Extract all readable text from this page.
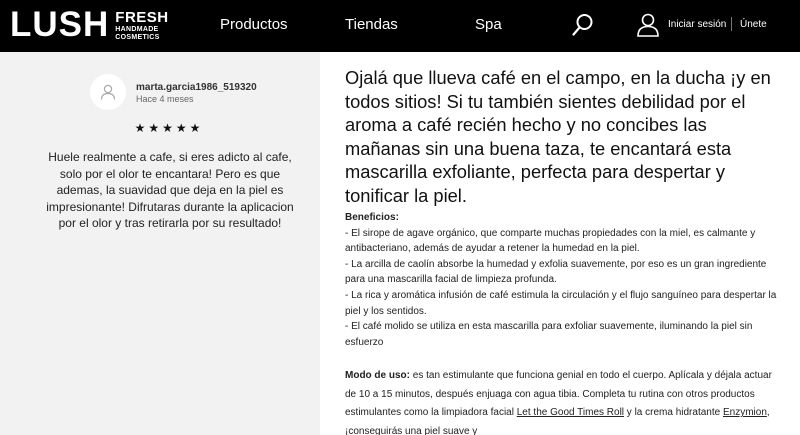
LUSH FRESH
HANDMADE
COSMETICS
Productos	Tiendas	Spa	Iniciar sesión Únete
marta.garcia1986_519320
Hace 4 meses
★★★★★
Huele realmente a cafe, si eres adicto al cafe, solo por el olor te encantara! Pero es que ademas, la suavidad que deja en la piel es impresionante! Difrutaras durante la aplicacion por el olor y tras retirarla por su resultado!
Ojalá que llueva café en el campo, en la ducha ¡y en todos sitios! Si tu también sientes debilidad por el aroma a café recién hecho y no concibes las mañanas sin una buena taza, te encantará esta mascarilla exfoliante, perfecta para despertar y tonificar la piel.
Beneficios:
- El sirope de agave orgánico, que comparte muchas propiedades con la miel, es calmante y antibacteriano, además de ayudar a retener la humedad en la piel.
- La arcilla de caolín absorbe la humedad y exfolia suavemente, por eso es un gran ingrediente para una mascarilla facial de limpieza profunda.
- La rica y aromática infusión de café estimula la circulación y el flujo sanguíneo para despertar la piel y los sentidos.
- El café molido se utiliza en esta mascarilla para exfoliar suavemente, iluminando la piel sin esfuerzo
Modo de uso: es tan estimulante que funciona genial en todo el cuerpo. Aplícala y déjala actuar de 10 a 15 minutos, después enjuaga con agua tibia. Completa tu rutina con otros productos estimulantes como la limpiadora facial Let the Good Times Roll y la crema hidratante Enzymion, ¡conseguirás una piel suave y
